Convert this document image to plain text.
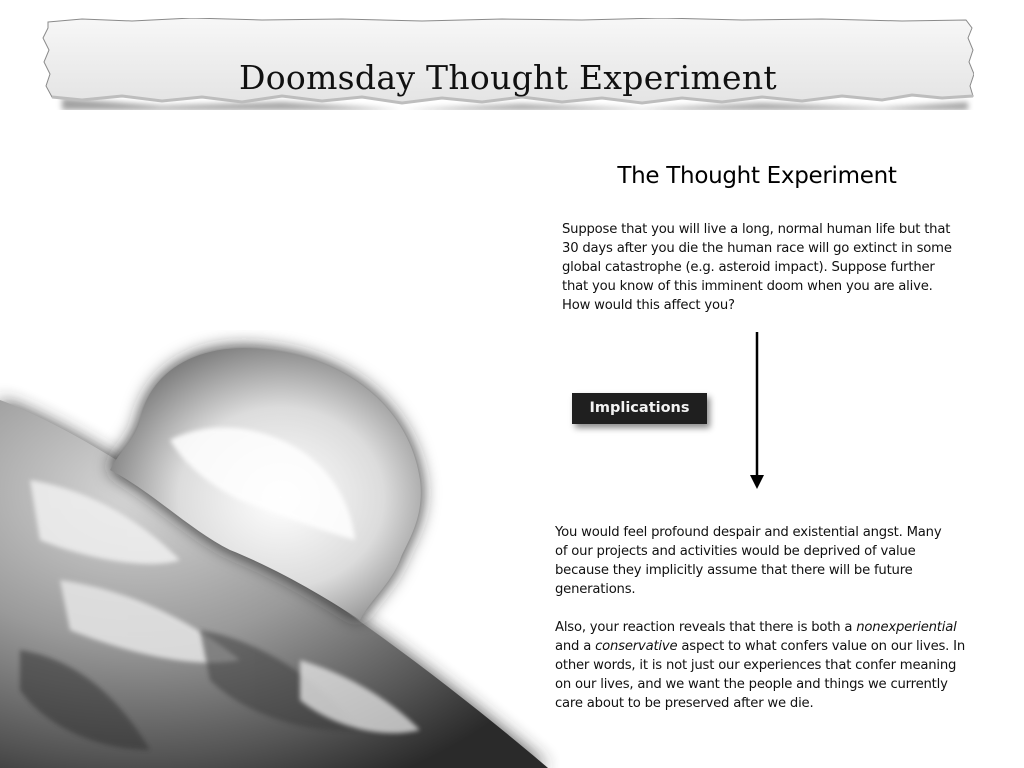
Doomsday Thought Experiment
The Thought Experiment
Suppose that you will live a long, normal human life but that 30 days after you die the human race will go extinct in some global catastrophe (e.g. asteroid impact). Suppose further that you know of this imminent doom when you are alive. How would this affect you?
Implications
You would feel profound despair and existential angst. Many of our projects and activities would be deprived of value because they implicitly assume that there will be future generations.
Also, your reaction reveals that there is both a nonexperiential and a conservative aspect to what confers value on our lives. In other words, it is not just our experiences that confer meaning on our lives, and we want the people and things we currently care about to be preserved after we die.
